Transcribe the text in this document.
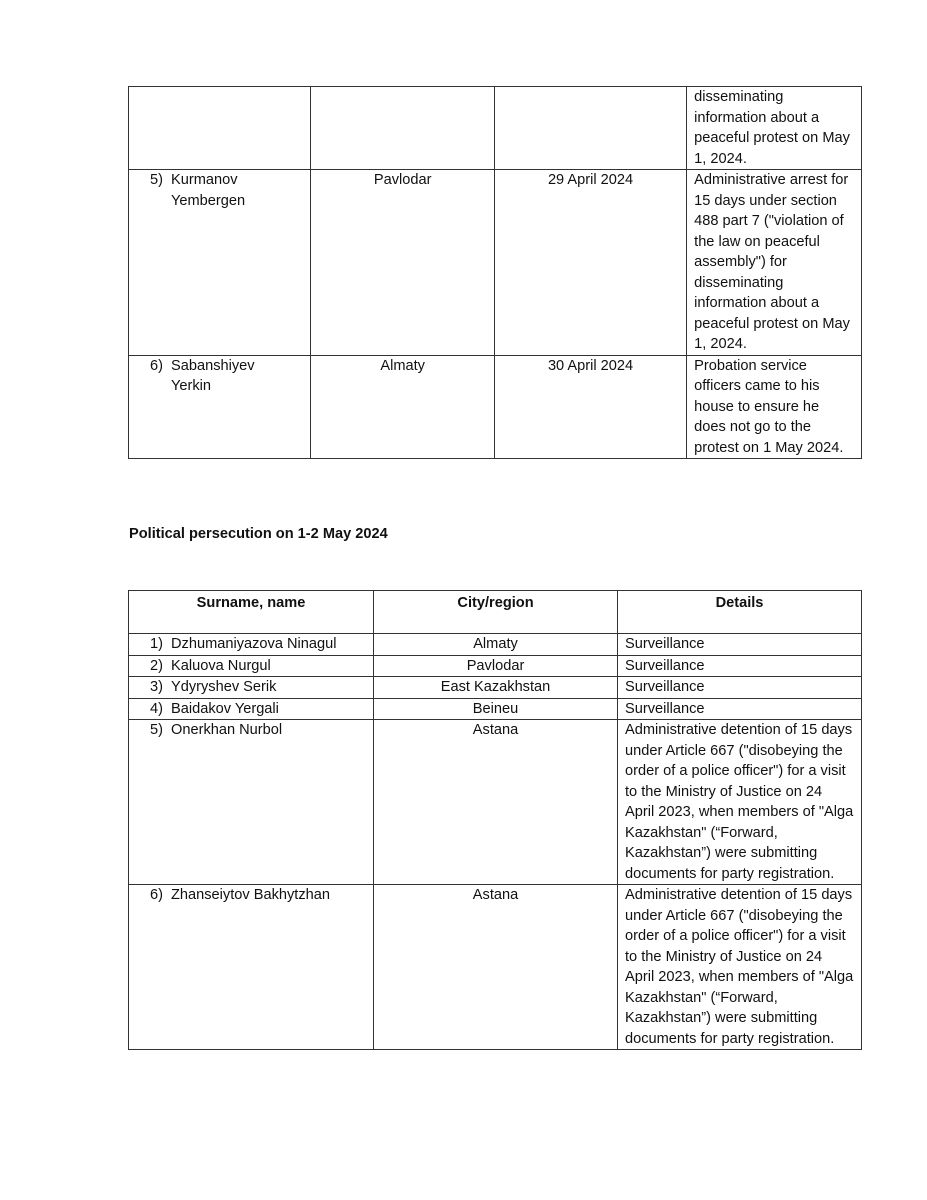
			disseminating information about a peaceful protest on May 1, 2024.
5) Kurmanov Yembergen	Pavlodar	29 April 2024	Administrative arrest for 15 days under section 488 part 7 ("violation of the law on peaceful assembly") for disseminating information about a peaceful protest on May 1, 2024.
6) Sabanshiyev Yerkin	Almaty	30 April 2024	Probation service officers came to his house to ensure he does not go to the protest on 1 May 2024.
Political persecution on 1-2 May 2024
Surname, name	City/region	Details
1) Dzhumaniyazova Ninagul	Almaty	Surveillance
2) Kaluova Nurgul	Pavlodar	Surveillance
3) Ydyryshev Serik	East Kazakhstan	Surveillance
4) Baidakov Yergali	Beineu	Surveillance
5) Onerkhan Nurbol	Astana	Administrative detention of 15 days under Article 667 ("disobeying the order of a police officer") for a visit to the Ministry of Justice on 24 April 2023, when members of "Alga Kazakhstan" (“Forward, Kazakhstan”) were submitting documents for party registration.
6) Zhanseiytov Bakhytzhan	Astana	Administrative detention of 15 days under Article 667 ("disobeying the order of a police officer") for a visit to the Ministry of Justice on 24 April 2023, when members of "Alga Kazakhstan" (“Forward, Kazakhstan”) were submitting documents for party registration.
